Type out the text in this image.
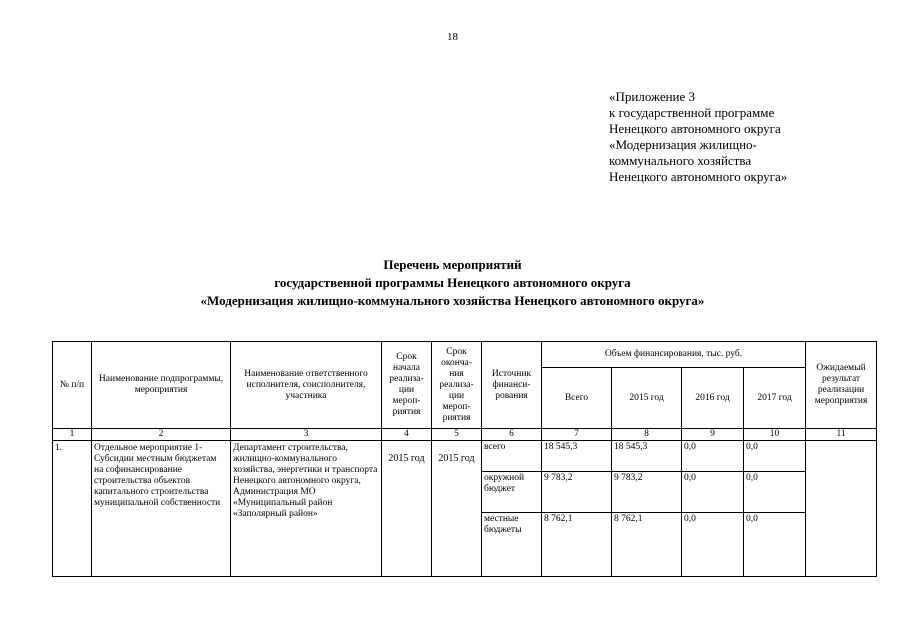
18
«Приложение 3
к государственной программе
Ненецкого автономного округа
«Модернизация жилищно-
коммунального хозяйства
Ненецкого автономного округа»
Перечень мероприятий
государственной программы Ненецкого автономного округа
«Модернизация жилищно-коммунального хозяйства Ненецкого автономного округа»
№ п/п	Наименование подпрограммы, мероприятия	Наименование ответственного исполнителя, соисполнителя, участника	Срок начала реализа-ции мероп-риятия	Срок оконча-ния реализа-ции мероп-риятия	Источник финанси-рования	Объем финансирования, тыс. руб.				Ожидаемый результат реализации мероприятия
						Всего	2015 год	2016 год	2017 год	
1	2	3	4	5	6	7	8	9	10	11
1.	Отдельное мероприятие 1- Субсидии местным бюджетам на софинансирование строительства объектов капитального строительства муниципальной собственности	Департамент строительства, жилищно-коммунального хозяйства, энергетики и транспорта Ненецкого автономного округа, Администрация МО «Муниципальный район «Заполярный район»	2015 год	2015 год	всего	18 545,3	18 545,3	0,0	0,0	
					окружной бюджет	9 783,2	9 783,2	0,0	0,0	
					местные бюджеты	8 762,1	8 762,1	0,0	0,0	
